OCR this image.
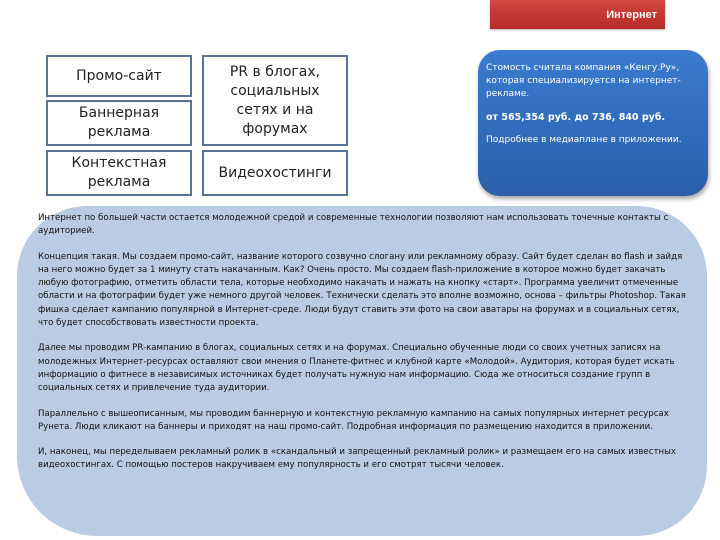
Интернет
Промо-сайт
Баннерная реклама
Контекстная реклама
PR в блогах, социальных сетях и на форумах
Видеохостинги

Стомость считала компания «Кенгу.Ру», которая специализируется на интернет-рекламе.

от 565,354 руб. до 736, 840 руб.

Подробнее в медиаплане в приложении.

Интернет по большей части остается молодежной средой и современные технологии позволяют нам использовать точечные контакты с аудиторией.

Концепция такая. Мы создаем промо-сайт, название которого созвучно слогану или рекламному образу. Сайт будет сделан во flash и зайдя на него можно будет за 1 минуту стать накачанным. Как? Очень просто. Мы создаем flash-приложение в которое можно будет закачать любую фотографию, отметить области тела, которые необходимо накачать и нажать на кнопку «старт». Программа увеличит отмеченные области и на фотографии будет уже немного другой человек. Технически сделать это вполне возможно, основа – фильтры Photoshop. Такая фишка сделает кампанию популярной в Интернет-среде. Люди будут ставить эти фото на свои аватары на форумах и в социальных сетях, что будет способствовать известности проекта.

Далее мы проводим PR-кампанию в блогах, социальных сетях и на форумах. Специально обученные люди со своих учетных записях на молодежных Интернет-ресурсах оставляют свои мнения о Планете-фитнес и клубной карте «Молодой». Аудитория, которая будет искать информацию о фитнесе в независимых источниках будет получать нужную нам информацию. Сюда же относиться создание групп в социальных сетях и привлечение туда аудитории.

Параллельно с вышеописанным, мы проводим баннерную и контекстную рекламную кампанию на самых популярных интернет ресурсах Рунета. Люди кликают на баннеры и приходят на наш промо-сайт. Подробная информация по размещению находится в приложении.

И, наконец, мы переделываем рекламный ролик в «скандальный и запрещенный рекламный ролик» и размещаем его на самых известных видеохостингах. С помощью постеров накручиваем ему популярность и его смотрят тысячи человек.
